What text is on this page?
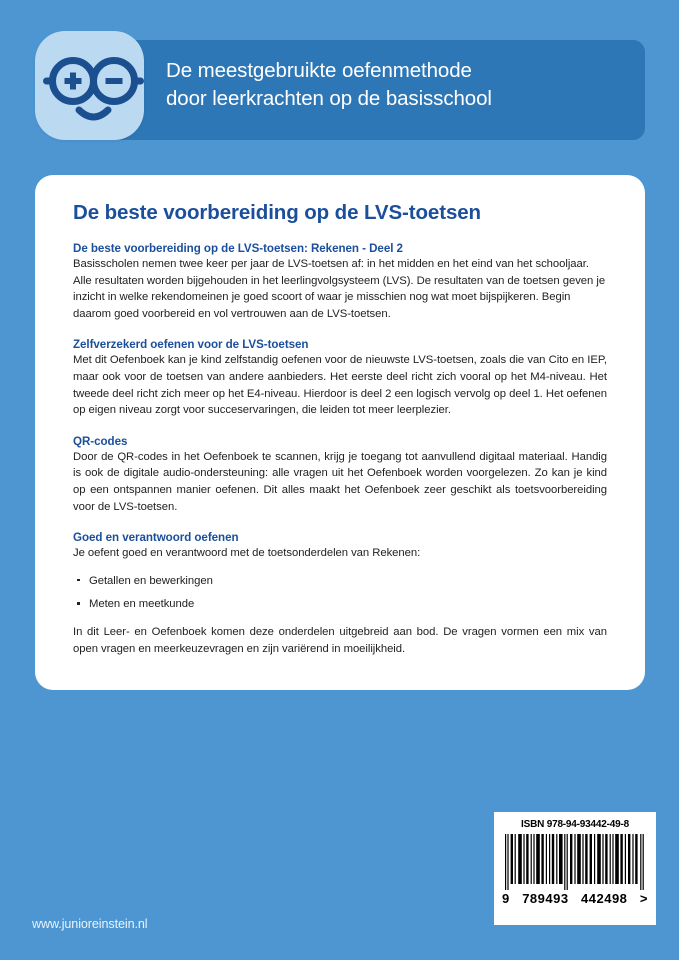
De meestgebruikte oefenmethode
door leerkrachten op de basisschool
De beste voorbereiding op de LVS-toetsen

De beste voorbereiding op de LVS-toetsen: Rekenen - Deel 2

Basisscholen nemen twee keer per jaar de LVS-toetsen af: in het midden en het eind van het schooljaar. Alle resultaten worden bijgehouden in het leerlingvolgsysteem (LVS). De resultaten van de toetsen geven je inzicht in welke rekendomeinen je goed scoort of waar je misschien nog wat moet bijspijkeren. Begin daarom goed voorbereid en vol vertrouwen aan de LVS-toetsen.

Zelfverzekerd oefenen voor de LVS-toetsen

Met dit Oefenboek kan je kind zelfstandig oefenen voor de nieuwste LVS-toetsen, zoals die van Cito en IEP, maar ook voor de toetsen van andere aanbieders. Het eerste deel richt zich vooral op het M4-niveau. Het tweede deel richt zich meer op het E4-niveau. Hierdoor is deel 2 een logisch vervolg op deel 1. Het oefenen op eigen niveau zorgt voor succeservaringen, die leiden tot meer leerplezier.

QR-codes

Door de QR-codes in het Oefenboek te scannen, krijg je toegang tot aanvullend digitaal materiaal. Handig is ook de digitale audio-ondersteuning: alle vragen uit het Oefenboek worden voorgelezen. Zo kan je kind op een ontspannen manier oefenen. Dit alles maakt het Oefenboek zeer geschikt als toetsvoorbereiding voor de LVS-toetsen.

Goed en verantwoord oefenen

Je oefent goed en verantwoord met de toetsonderdelen van Rekenen:

Getallen en bewerkingen
Meten en meetkunde

In dit Leer- en Oefenboek komen deze onderdelen uitgebreid aan bod. De vragen vormen een mix van open vragen en meerkeuzevragen en zijn variërend in moeilijkheid.

ISBN 978-94-93442-49-8
9 789493 442498 >
www.junioreinstein.nl
